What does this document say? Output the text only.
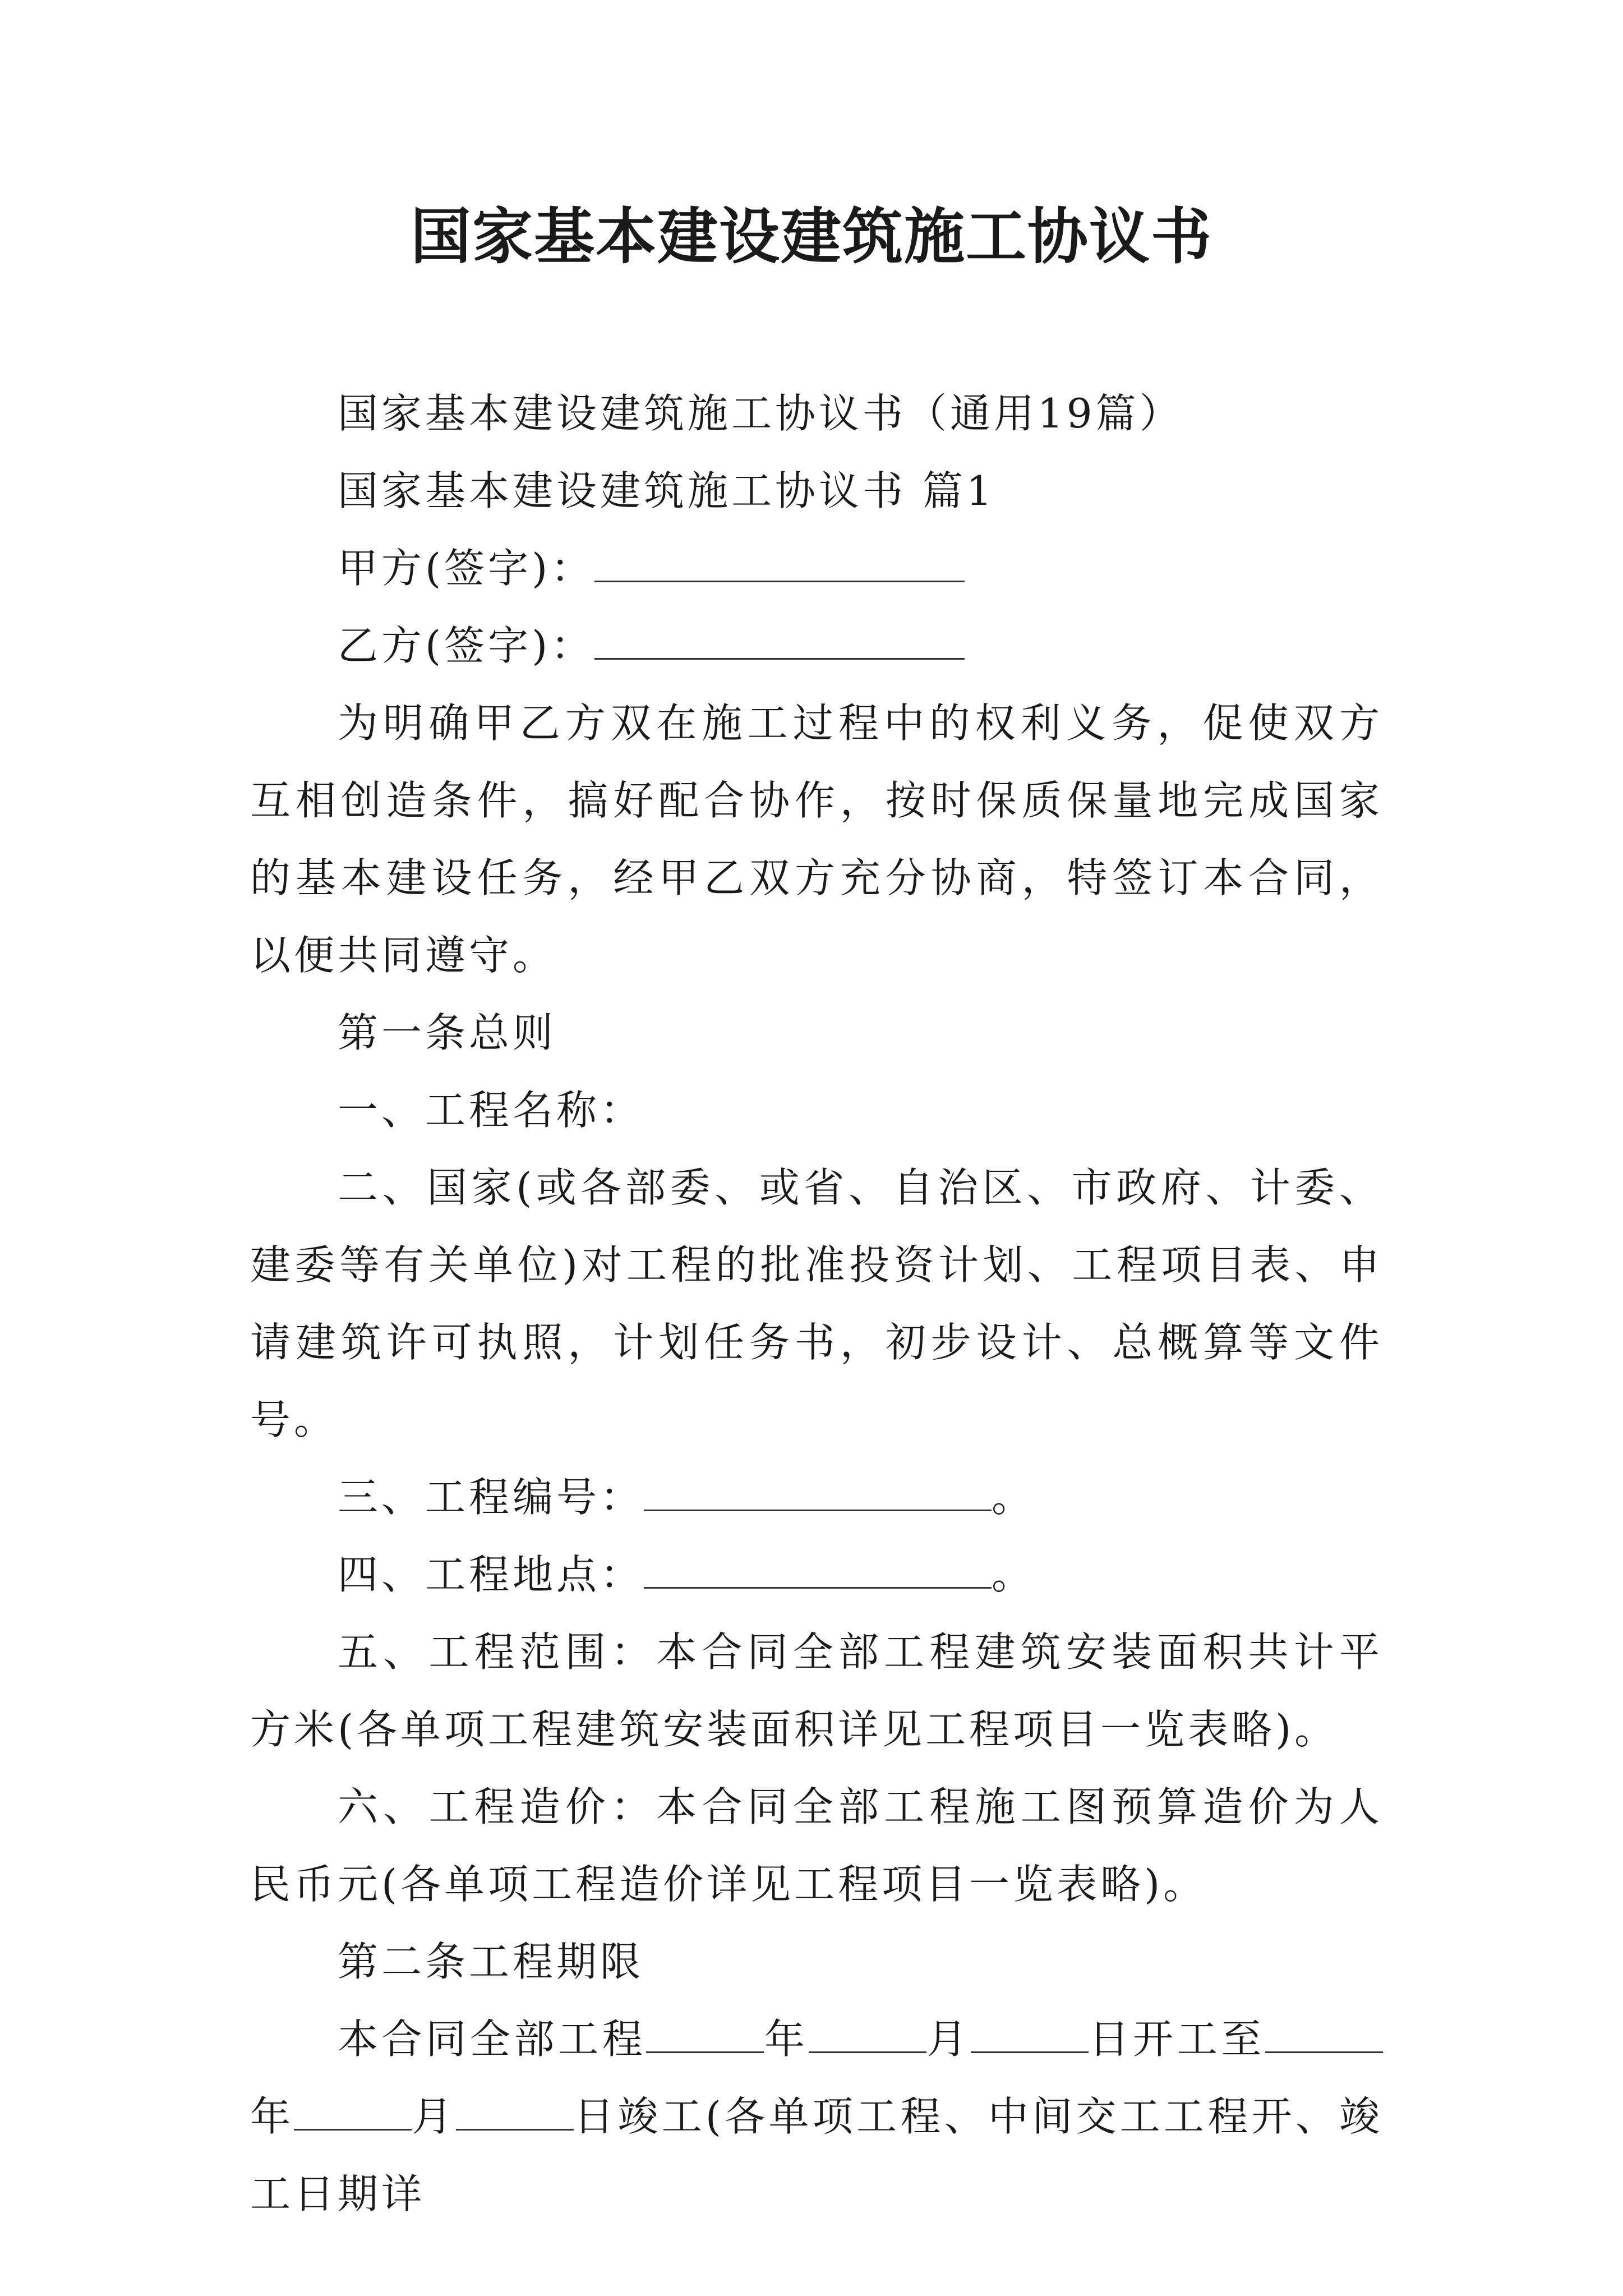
国家基本建设建筑施工协议书

国家基本建设建筑施工协议书（通用19篇）

国家基本建设建筑施工协议书 篇1

甲方(签字)：

乙方(签字)：

为明确甲乙方双在施工过程中的权利义务，促使双方互相创造条件，搞好配合协作，按时保质保量地完成国家的基本建设任务，经甲乙双方充分协商，特签订本合同，以便共同遵守。

第一条总则

一、工程名称：

二、国家(或各部委、或省、自治区、市政府、计委、建委等有关单位)对工程的批准投资计划、工程项目表、申请建筑许可执照，计划任务书，初步设计、总概算等文件号。

三、工程编号：	。

四、工程地点：	。

五、工程范围：本合同全部工程建筑安装面积共计平方米(各单项工程建筑安装面积详见工程项目一览表略)。

六、工程造价：本合同全部工程施工图预算造价为人民币元(各单项工程造价详见工程项目一览表略)。

第二条工程期限

本合同全部工程	年	月	日开工至年	月	日竣工(各单项工程、中间交工工程开、竣工日期详
